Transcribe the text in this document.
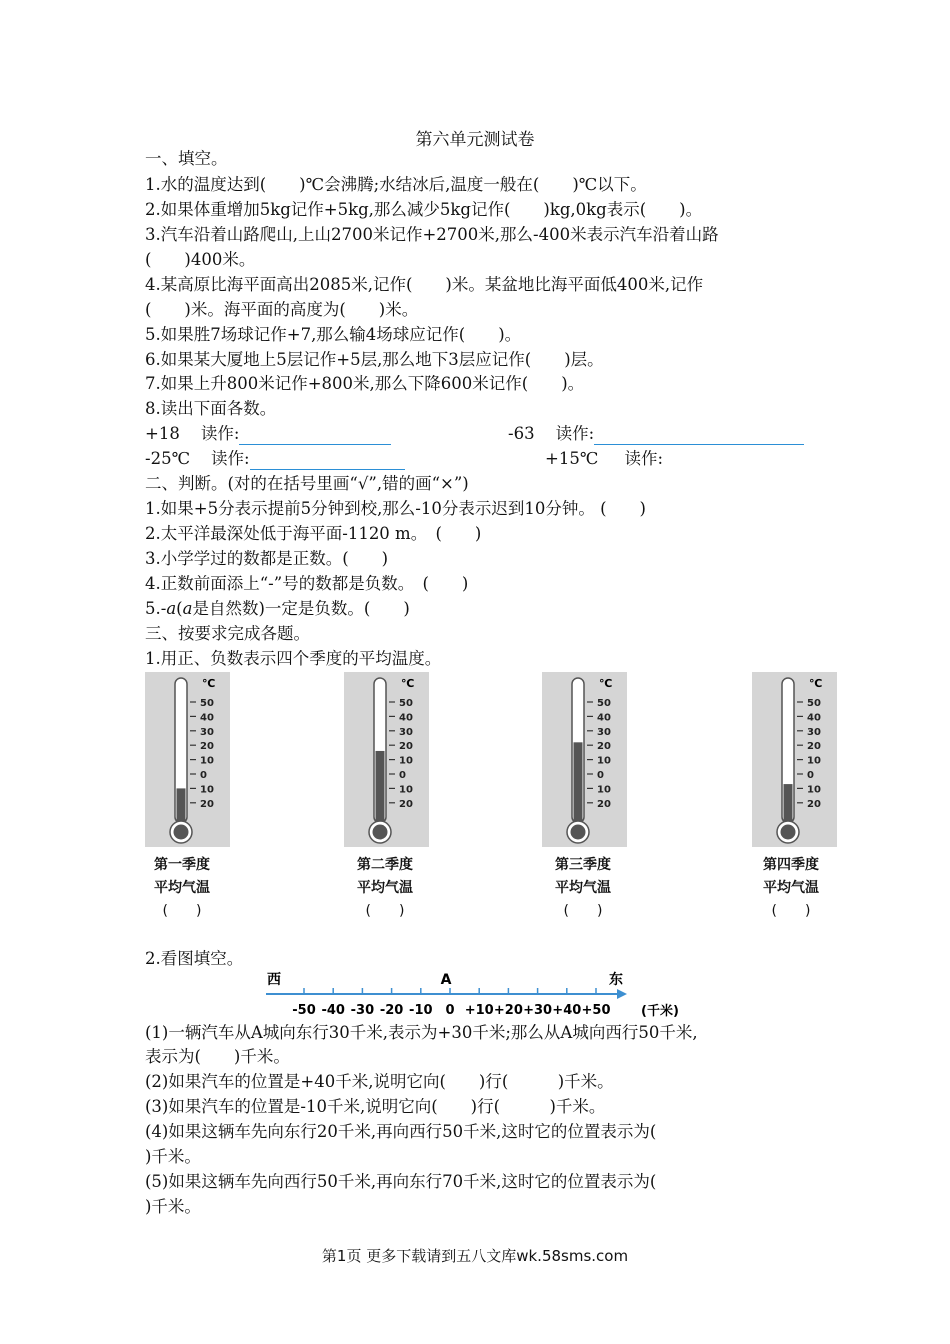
第六单元测试卷
一、填空。
1.水的温度达到(　　)℃会沸腾;水结冰后,温度一般在(　　)℃以下。
2.如果体重增加5kg记作+5kg,那么减少5kg记作(　　)kg,0kg表示(　　)。
3.汽车沿着山路爬山,上山2700米记作+2700米,那么-400米表示汽车沿着山路
(　　)400米。
4.某高原比海平面高出2085米,记作(　　)米。某盆地比海平面低400米,记作
(　　)米。海平面的高度为(　　)米。
5.如果胜7场球记作+7,那么输4场球应记作(　　)。
6.如果某大厦地上5层记作+5层,那么地下3层应记作(　　)层。
7.如果上升800米记作+800米,那么下降600米记作(　　)。
8.读出下面各数。
+18 读作:	-63 读作:
-25℃ 读作:	+15℃ 读作:
二、判断。(对的在括号里画“√”,错的画“×”)
1.如果+5分表示提前5分钟到校,那么-10分表示迟到10分钟。 (　　)
2.太平洋最深处低于海平面-1120 m。　(　　)
3.小学学过的数都是正数。(　　)
4.正数前面添上“-”号的数都是负数。　(　　)
5.-a(a是自然数)一定是负数。(　　)
三、按要求完成各题。
1.用正、负数表示四个季度的平均温度。
℃
50
40
30
20
10
0
10
20
℃
50
40
30
20
10
0
10
20
℃
50
40
30
20
10
0
10
20
℃
50
40
30
20
10
0
10
20
第一季度
平均气温
(　　)
第二季度
平均气温
(　　)
第三季度
平均气温
(　　)
第四季度
平均气温
(　　)
2.看图填空。
西	A	东
-50 -40 -30 -20 -10 0 +10 +20 +30 +40 +50 (千米)
(1)一辆汽车从A城向东行30千米,表示为+30千米;那么从A城向西行50千米,
表示为(　　)千米。
(2)如果汽车的位置是+40千米,说明它向(　　)行(　　　)千米。
(3)如果汽车的位置是-10千米,说明它向(　　)行(　　　)千米。
(4)如果这辆车先向东行20千米,再向西行50千米,这时它的位置表示为(
)千米。
(5)如果这辆车先向西行50千米,再向东行70千米,这时它的位置表示为(
)千米。
第1页 更多下载请到五八文库wk.58sms.com
